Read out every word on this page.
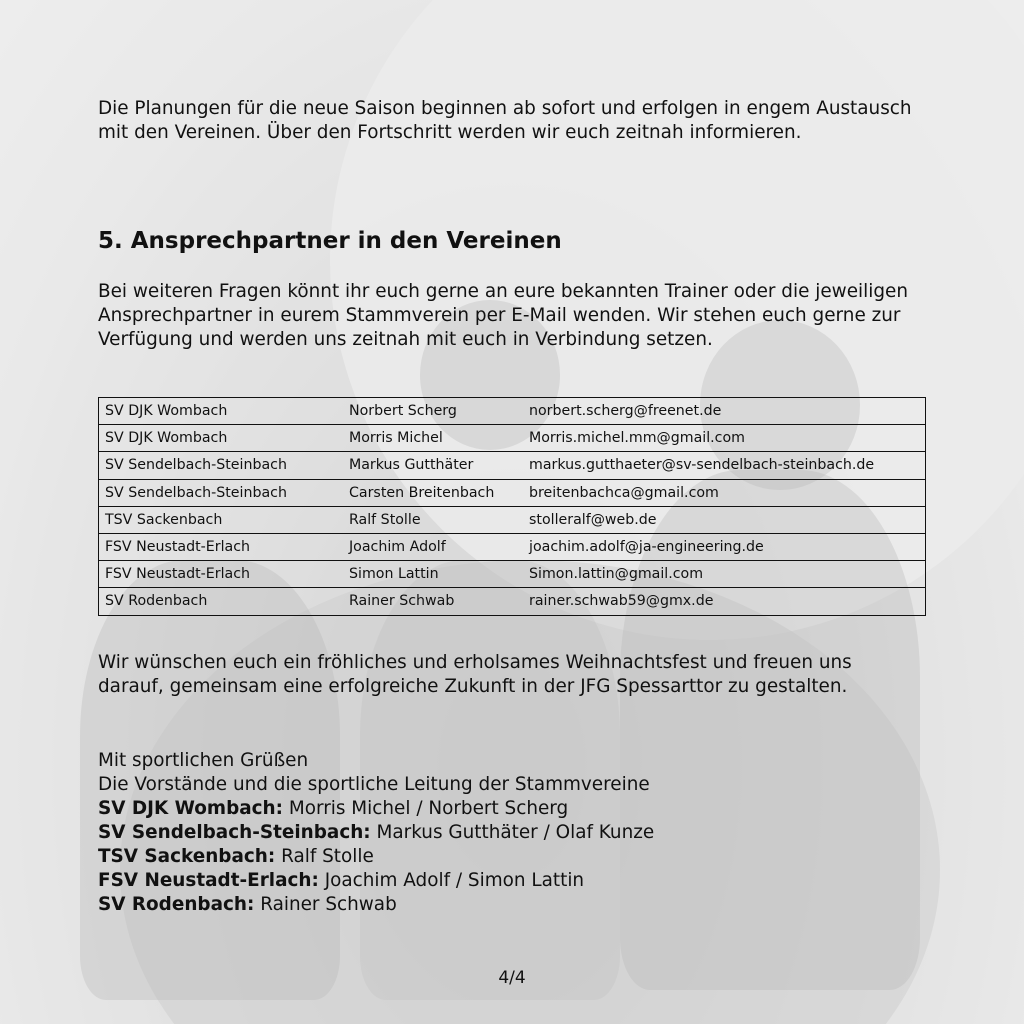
Die Planungen für die neue Saison beginnen ab sofort und erfolgen in engem Austausch mit den Vereinen. Über den Fortschritt werden wir euch zeitnah informieren.

5. Ansprechpartner in den Vereinen

Bei weiteren Fragen könnt ihr euch gerne an eure bekannten Trainer oder die jeweiligen Ansprechpartner in eurem Stammverein per E-Mail wenden. Wir stehen euch gerne zur Verfügung und werden uns zeitnah mit euch in Verbindung setzen.

SV DJK Wombach	Norbert Scherg	norbert.scherg@freenet.de
SV DJK Wombach	Morris Michel	Morris.michel.mm@gmail.com
SV Sendelbach-Steinbach	Markus Gutthäter	markus.gutthaeter@sv-sendelbach-steinbach.de
SV Sendelbach-Steinbach	Carsten Breitenbach	breitenbachca@gmail.com
TSV Sackenbach	Ralf Stolle	stolleralf@web.de
FSV Neustadt-Erlach	Joachim Adolf	joachim.adolf@ja-engineering.de
FSV Neustadt-Erlach	Simon Lattin	Simon.lattin@gmail.com
SV Rodenbach	Rainer Schwab	rainer.schwab59@gmx.de

Wir wünschen euch ein fröhliches und erholsames Weihnachtsfest und freuen uns darauf, gemeinsam eine erfolgreiche Zukunft in der JFG Spessarttor zu gestalten.

Mit sportlichen Grüßen

Die Vorstände und die sportliche Leitung der Stammvereine

SV DJK Wombach: Morris Michel / Norbert Scherg

SV Sendelbach-Steinbach: Markus Gutthäter / Olaf Kunze

TSV Sackenbach: Ralf Stolle

FSV Neustadt-Erlach: Joachim Adolf / Simon Lattin

SV Rodenbach: Rainer Schwab

4/4
